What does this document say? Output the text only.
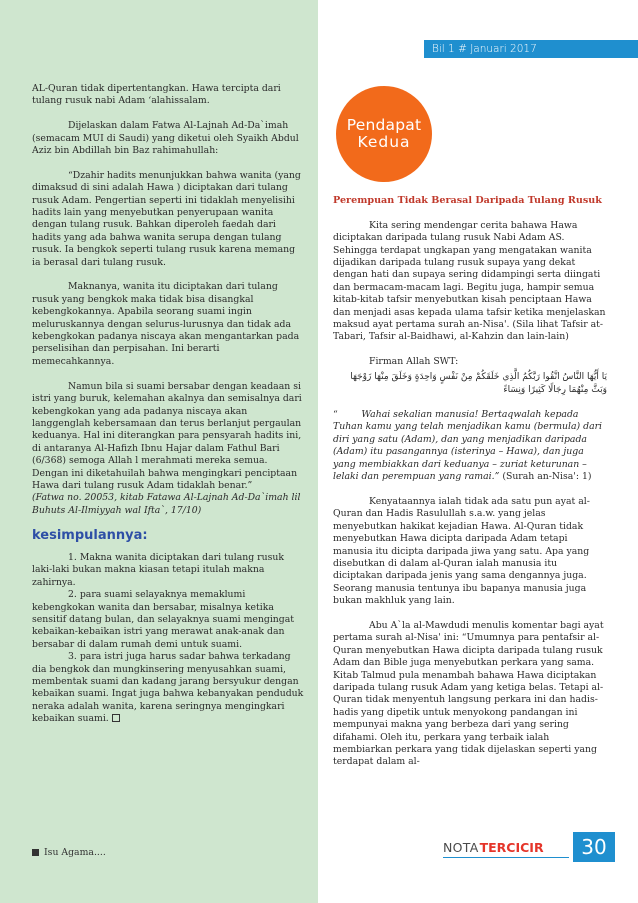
Bil 1 # Januari 2017

AL-Quran tidak dipertentangkan. Hawa tercipta dari tulang rusuk nabi Adam ‘alahissalam.

Dijelaskan dalam Fatwa Al-Lajnah Ad-Da`imah (semacam MUI di Saudi) yang diketui oleh Syaikh Abdul Aziz bin Abdillah bin Baz rahimahullah:

“Dzahir hadits menunjukkan bahwa wanita (yang dimaksud di sini adalah Hawa ) diciptakan dari tulang rusuk Adam. Pengertian seperti ini tidaklah menyelisihi hadits lain yang menyebutkan penyerupaan wanita dengan tulang rusuk. Bahkan diperoleh faedah dari hadits yang ada bahwa wanita serupa dengan tulang rusuk. Ia bengkok seperti tulang rusuk karena memang ia berasal dari tulang rusuk.

Maknanya, wanita itu diciptakan dari tulang rusuk yang bengkok maka tidak bisa disangkal kebengkokannya. Apabila seorang suami ingin meluruskannya dengan selurus-lurusnya dan tidak ada kebengkokan padanya niscaya akan mengantarkan pada perselisihan dan perpisahan. Ini berarti memecahkannya.

Namun bila si suami bersabar dengan keadaan si istri yang buruk, kelemahan akalnya dan semisalnya dari kebengkokan yang ada padanya niscaya akan langgenglah kebersamaan dan terus berlanjut pergaulan keduanya. Hal ini diterangkan para pensyarah hadits ini, di antaranya Al-Hafizh Ibnu Hajar dalam Fathul Bari (6/368) semoga Allah l merahmati mereka semua. Dengan ini diketahuilah bahwa mengingkari penciptaan Hawa dari tulang rusuk Adam tidaklah benar.”

(Fatwa no. 20053, kitab Fatawa Al-Lajnah Ad-Da`imah lil Buhuts Al-Ilmiyyah wal Ifta`, 17/10)

kesimpulannya:

1. Makna wanita diciptakan dari tulang rusuk laki-laki bukan makna kiasan tetapi itulah makna zahirnya.

2. para suami selayaknya memaklumi kebengkokan wanita dan bersabar, misalnya ketika sensitif datang bulan, dan selayaknya suami mengingat kebaikan-kebaikan istri yang merawat anak-anak dan bersabar di dalam rumah demi untuk suami.

3. para istri juga harus sadar bahwa terkadang dia bengkok dan mungkinsering menyusahkan suami, membentak suami dan kadang jarang bersyukur dengan kebaikan suami. Ingat juga bahwa kebanyakan penduduk neraka adalah wanita, karena seringnya mengingkari kebaikan suami.

Pendapat
Kedua
Perempuan Tidak Berasal Daripada Tulang Rusuk

Kita sering mendengar cerita bahawa Hawa diciptakan daripada tulang rusuk Nabi Adam AS. Sehingga terdapat ungkapan yang mengatakan wanita dijadikan daripada tulang rusuk supaya yang dekat dengan hati dan supaya sering didampingi serta diingati dan bermacam-macam lagi. Begitu juga, hampir semua kitab-kitab tafsir menyebutkan kisah penciptaan Hawa dan menjadi asas kepada ulama tafsir ketika menjelaskan maksud ayat pertama surah an-Nisa'. (Sila lihat Tafsir at-Tabari, Tafsir al-Baidhawi, al-Kahzin dan lain-lain)

Firman Allah SWT:

يَا أَيُّهَا النَّاسُ اتَّقُوا رَبَّكُمُ الَّذِي خَلَقَكُمْ مِنْ نَفْسٍ وَاحِدَةٍ وَخَلَقَ مِنْهَا زَوْجَهَا وَبَثَّ مِنْهُمَا رِجَالًا كَثِيرًا وَنِسَاءً

“	Wahai sekalian manusia! Bertaqwalah kepada Tuhan kamu yang telah menjadikan kamu (bermula) dari diri yang satu (Adam), dan yang menjadikan daripada (Adam) itu pasangannya (isterinya – Hawa), dan juga yang membiakkan dari keduanya – zuriat keturunan – lelaki dan perempuan yang ramai.” (Surah an-Nisa': 1)

Kenyataannya ialah tidak ada satu pun ayat al-Quran dan Hadis Rasulullah s.a.w. yang jelas menyebutkan hakikat kejadian Hawa. Al-Quran tidak menyebutkan Hawa dicipta daripada Adam tetapi manusia itu dicipta daripada jiwa yang satu. Apa yang disebutkan di dalam al-Quran ialah manusia itu diciptakan daripada jenis yang sama dengannya juga. Seorang manusia tentunya ibu bapanya manusia juga bukan makhluk yang lain.

Abu A`la al-Mawdudi menulis komentar bagi ayat pertama surah al-Nisa' ini: “Umumnya para pentafsir al-Quran menyebutkan Hawa dicipta daripada tulang rusuk Adam dan Bible juga menyebutkan perkara yang sama. Kitab Talmud pula menambah bahawa Hawa diciptakan daripada tulang rusuk Adam yang ketiga belas. Tetapi al-Quran tidak menyentuh langsung perkara ini dan hadis-hadis yang dipetik untuk menyokong pandangan ini mempunyai makna yang berbeza dari yang sering difahami. Oleh itu, perkara yang terbaik ialah membiarkan perkara yang tidak dijelaskan seperti yang terdapat dalam al-

Isu Agama....	NOTA TERCICIR	30
